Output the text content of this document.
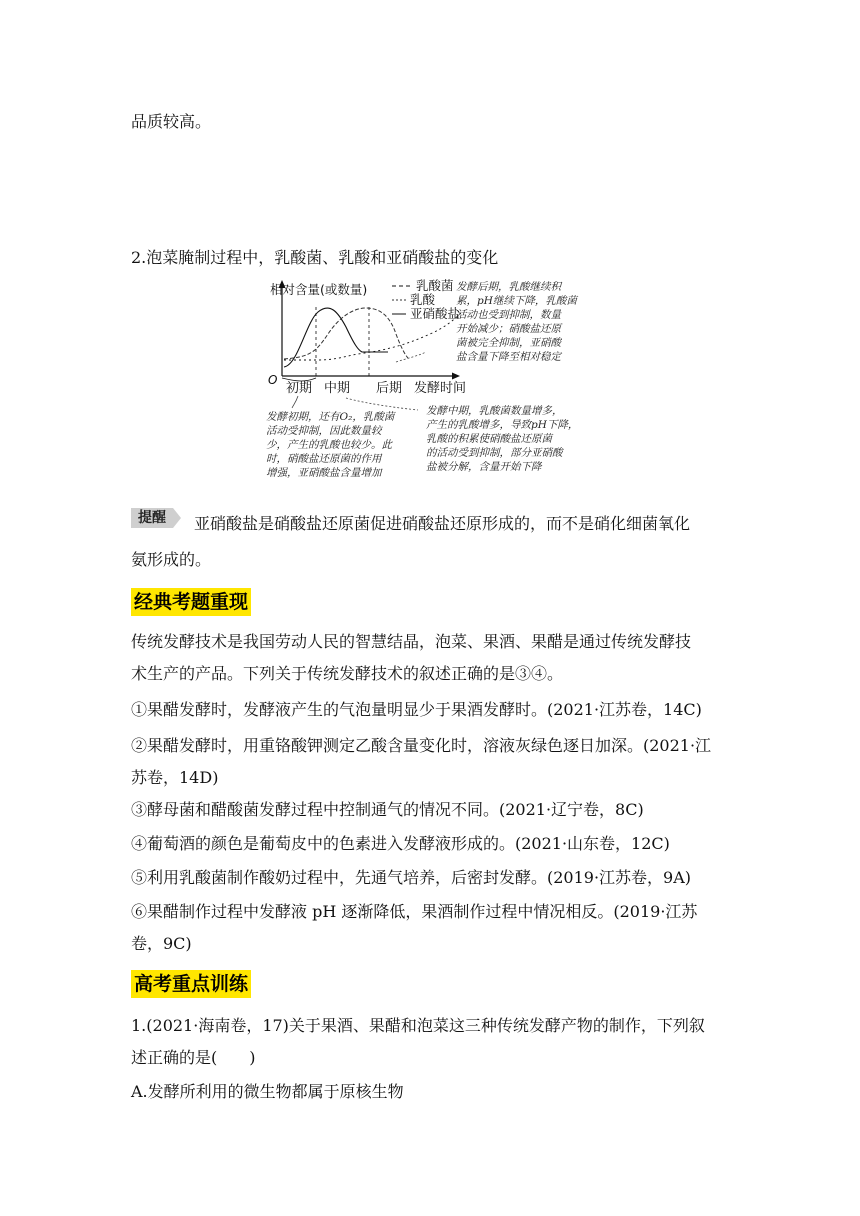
品质较高。
2.泡菜腌制过程中，乳酸菌、乳酸和亚硝酸盐的变化
相对含量(或数量)
O
乳酸菌
乳酸
亚硝酸盐
初期 中期 后期 发酵时间
发酵后期，乳酸继续积
累，pH继续下降，乳酸菌
活动也受到抑制，数量
开始减少；硝酸盐还原
菌被完全抑制，亚硝酸
盐含量下降至相对稳定
发酵中期，乳酸菌数量增多，
产生的乳酸增多，导致pH下降，
乳酸的积累使硝酸盐还原菌
的活动受到抑制，部分亚硝酸
盐被分解，含量开始下降
发酵初期，还有O₂，乳酸菌
活动受抑制，因此数量较
少，产生的乳酸也较少。此
时，硝酸盐还原菌的作用
增强，亚硝酸盐含量增加
提醒	亚硝酸盐是硝酸盐还原菌促进硝酸盐还原形成的，而不是硝化细菌氧化
氨形成的。
经典考题重现
传统发酵技术是我国劳动人民的智慧结晶，泡菜、果酒、果醋是通过传统发酵技
术生产的产品。下列关于传统发酵技术的叙述正确的是③④。
①果醋发酵时，发酵液产生的气泡量明显少于果酒发酵时。(2021·江苏卷，14C)
②果醋发酵时，用重铬酸钾测定乙酸含量变化时，溶液灰绿色逐日加深。(2021·江
苏卷，14D)
③酵母菌和醋酸菌发酵过程中控制通气的情况不同。(2021·辽宁卷，8C)
④葡萄酒的颜色是葡萄皮中的色素进入发酵液形成的。(2021·山东卷，12C)
⑤利用乳酸菌制作酸奶过程中，先通气培养，后密封发酵。(2019·江苏卷，9A)
⑥果醋制作过程中发酵液 pH 逐渐降低，果酒制作过程中情况相反。(2019·江苏
卷，9C)
高考重点训练
1.(2021·海南卷，17)关于果酒、果醋和泡菜这三种传统发酵产物的制作，下列叙
述正确的是(　　)
A.发酵所利用的微生物都属于原核生物
